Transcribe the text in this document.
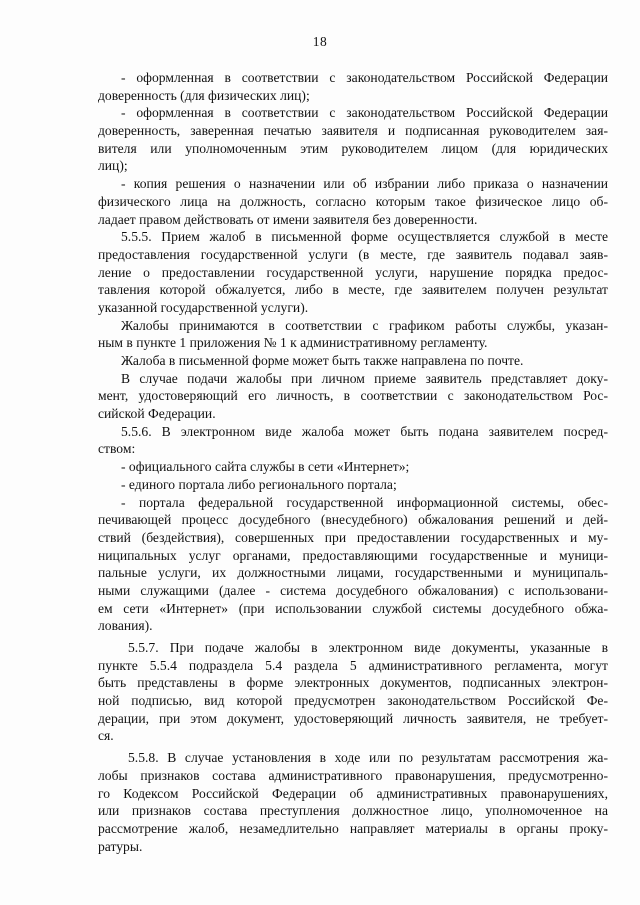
18
- оформленная в соответствии с законодательством Российской Федерации
доверенность (для физических лиц);
- оформленная в соответствии с законодательством Российской Федерации
доверенность, заверенная печатью заявителя и подписанная руководителем зая-
вителя или уполномоченным этим руководителем лицом (для юридических
лиц);
- копия решения о назначении или об избрании либо приказа о назначении
физического лица на должность, согласно которым такое физическое лицо об-
ладает правом действовать от имени заявителя без доверенности.
5.5.5. Прием жалоб в письменной форме осуществляется службой в месте
предоставления государственной услуги (в месте, где заявитель подавал заяв-
ление о предоставлении государственной услуги, нарушение порядка предос-
тавления которой обжалуется, либо в месте, где заявителем получен результат
указанной государственной услуги).
Жалобы принимаются в соответствии с графиком работы службы, указан-
ным в пункте 1 приложения № 1 к административному регламенту.
Жалоба в письменной форме может быть также направлена по почте.
В случае подачи жалобы при личном приеме заявитель представляет доку-
мент, удостоверяющий его личность, в соответствии с законодательством Рос-
сийской Федерации.
5.5.6. В электронном виде жалоба может быть подана заявителем посред-
ством:
- официального сайта службы в сети «Интернет»;
- единого портала либо регионального портала;
- портала федеральной государственной информационной системы, обес-
печивающей процесс досудебного (внесудебного) обжалования решений и дей-
ствий (бездействия), совершенных при предоставлении государственных и му-
ниципальных услуг органами, предоставляющими государственные и муници-
пальные услуги, их должностными лицами, государственными и муниципаль-
ными служащими (далее - система досудебного обжалования) с использовани-
ем сети «Интернет» (при использовании службой системы досудебного обжа-
лования).
5.5.7. При подаче жалобы в электронном виде документы, указанные в
пункте 5.5.4 подраздела 5.4 раздела 5 административного регламента, могут
быть представлены в форме электронных документов, подписанных электрон-
ной подписью, вид которой предусмотрен законодательством Российской Фе-
дерации, при этом документ, удостоверяющий личность заявителя, не требует-
ся.
5.5.8. В случае установления в ходе или по результатам рассмотрения жа-
лобы признаков состава административного правонарушения, предусмотренно-
го Кодексом Российской Федерации об административных правонарушениях,
или признаков состава преступления должностное лицо, уполномоченное на
рассмотрение жалоб, незамедлительно направляет материалы в органы проку-
ратуры.
